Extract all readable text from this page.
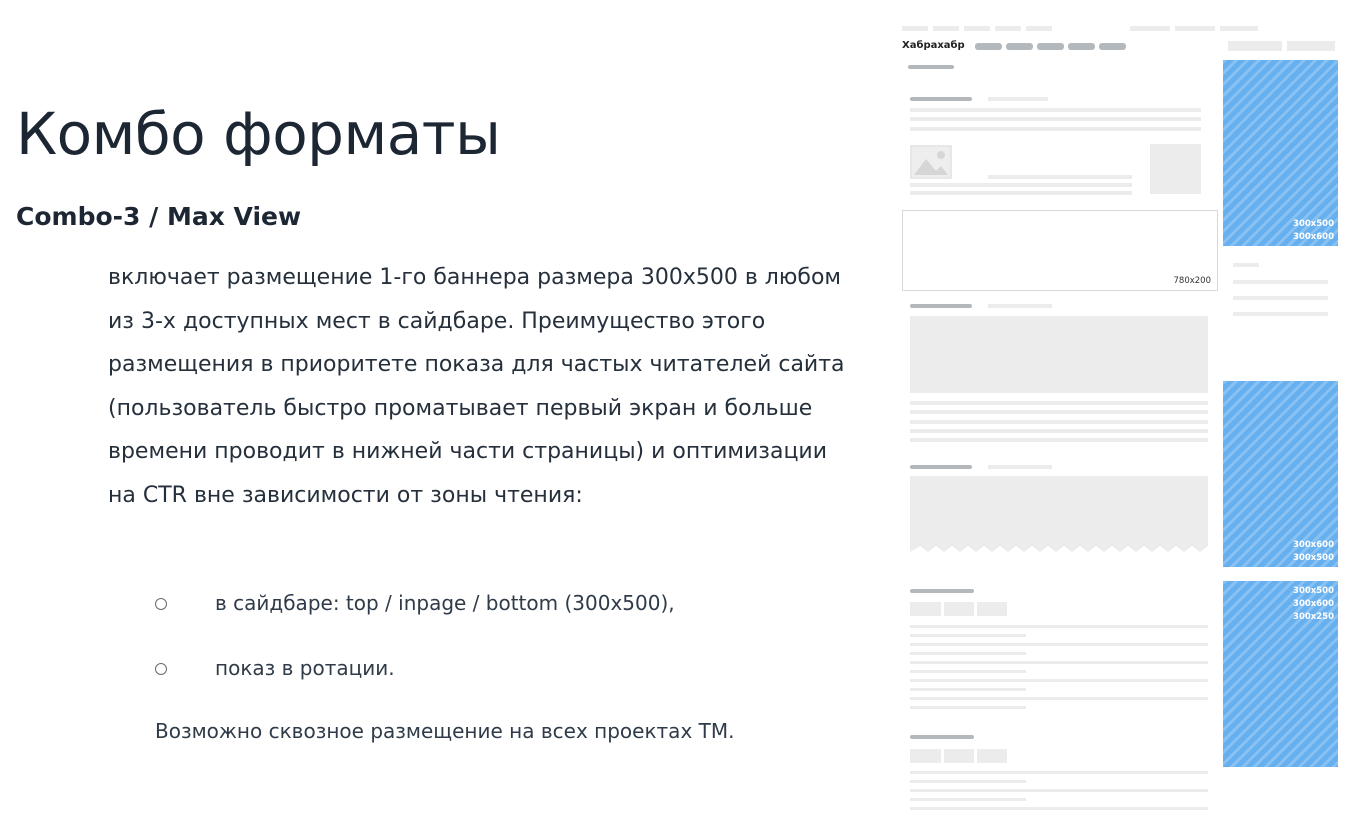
Комбо форматы
Combo-3 / Max View
включает размещение 1-го баннера размера 300x500 в любом из 3-х доступных мест в сайдбаре. Преимущество этого размещения в приоритете показа для частых читателей сайта (пользователь быстро проматывает первый экран и больше времени проводит в нижней части страницы) и оптимизации на CTR вне зависимости от зоны чтения:
в сайдбаре: top / inpage / bottom (300x500),
показ в ротации.
Возможно сквозное размещение на всех проектах ТМ.
Хабрахабр
780x200
300x500
300x600
300x600
300x500
300x500
300x600
300x250
